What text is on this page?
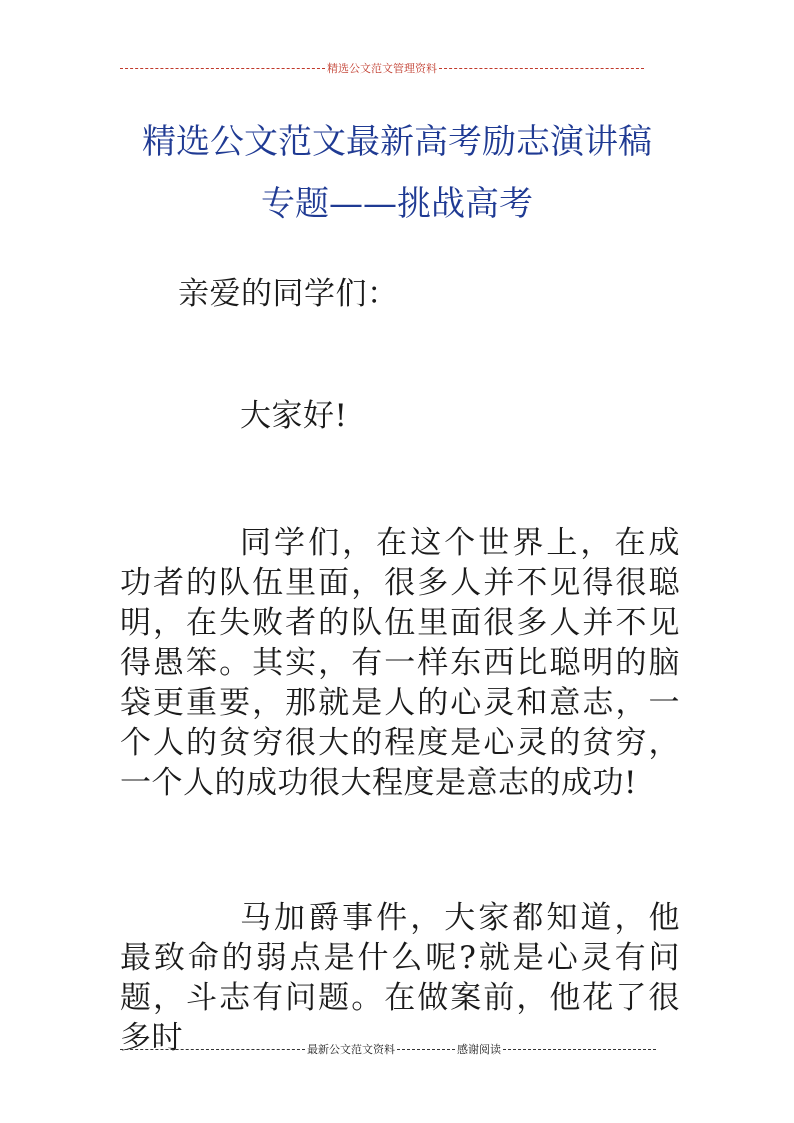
精选公文范文管理资料
精选公文范文最新高考励志演讲稿
专题——挑战高考
亲爱的同学们：
大家好!
同学们，在这个世界上，在成功者的队伍里面，很多人并不见得很聪明，在失败者的队伍里面很多人并不见得愚笨。其实，有一样东西比聪明的脑袋更重要，那就是人的心灵和意志，一个人的贫穷很大的程度是心灵的贫穷，一个人的成功很大程度是意志的成功!
马加爵事件，大家都知道，他最致命的弱点是什么呢?就是心灵有问题，斗志有问题。在做案前，他花了很多时	最新公文范文资料	感谢阅读
